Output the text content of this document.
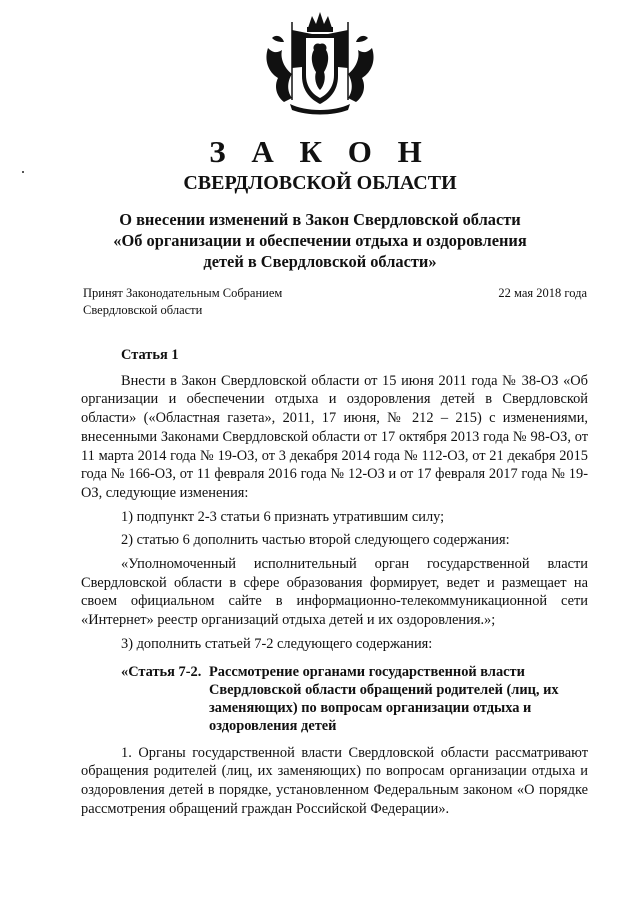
З А К О Н
СВЕРДЛОВСКОЙ ОБЛАСТИ
О внесении изменений в Закон Свердловской области
«Об организации и обеспечении отдыха и оздоровления
детей в Свердловской области»
Принят Законодательным Собранием
Свердловской области
22 мая 2018 года

Статья 1

Внести в Закон Свердловской области от 15 июня 2011 года № 38-ОЗ «Об организации и обеспечении отдыха и оздоровления детей в Свердловской области» («Областная газета», 2011, 17 июня, № 212 – 215) с изменениями, внесенными Законами Свердловской области от 17 октября 2013 года № 98-ОЗ, от 11 марта 2014 года № 19-ОЗ, от 3 декабря 2014 года № 112-ОЗ, от 21 декабря 2015 года № 166-ОЗ, от 11 февраля 2016 года № 12-ОЗ и от 17 февраля 2017 года № 19-ОЗ, следующие изменения:

1) подпункт 2-3 статьи 6 признать утратившим силу;

2) статью 6 дополнить частью второй следующего содержания:

«Уполномоченный исполнительный орган государственной власти Свердловской области в сфере образования формирует, ведет и размещает на своем официальном сайте в информационно-телекоммуникационной сети «Интернет» реестр организаций отдыха детей и их оздоровления.»;

3) дополнить статьей 7-2 следующего содержания:

«Статья 7-2. Рассмотрение органами государственной власти Свердловской области обращений родителей (лиц, их заменяющих) по вопросам организации отдыха и оздоровления детей

1. Органы государственной власти Свердловской области рассматривают обращения родителей (лиц, их заменяющих) по вопросам организации отдыха и оздоровления детей в порядке, установленном Федеральным законом «О порядке рассмотрения обращений граждан Российской Федерации».
